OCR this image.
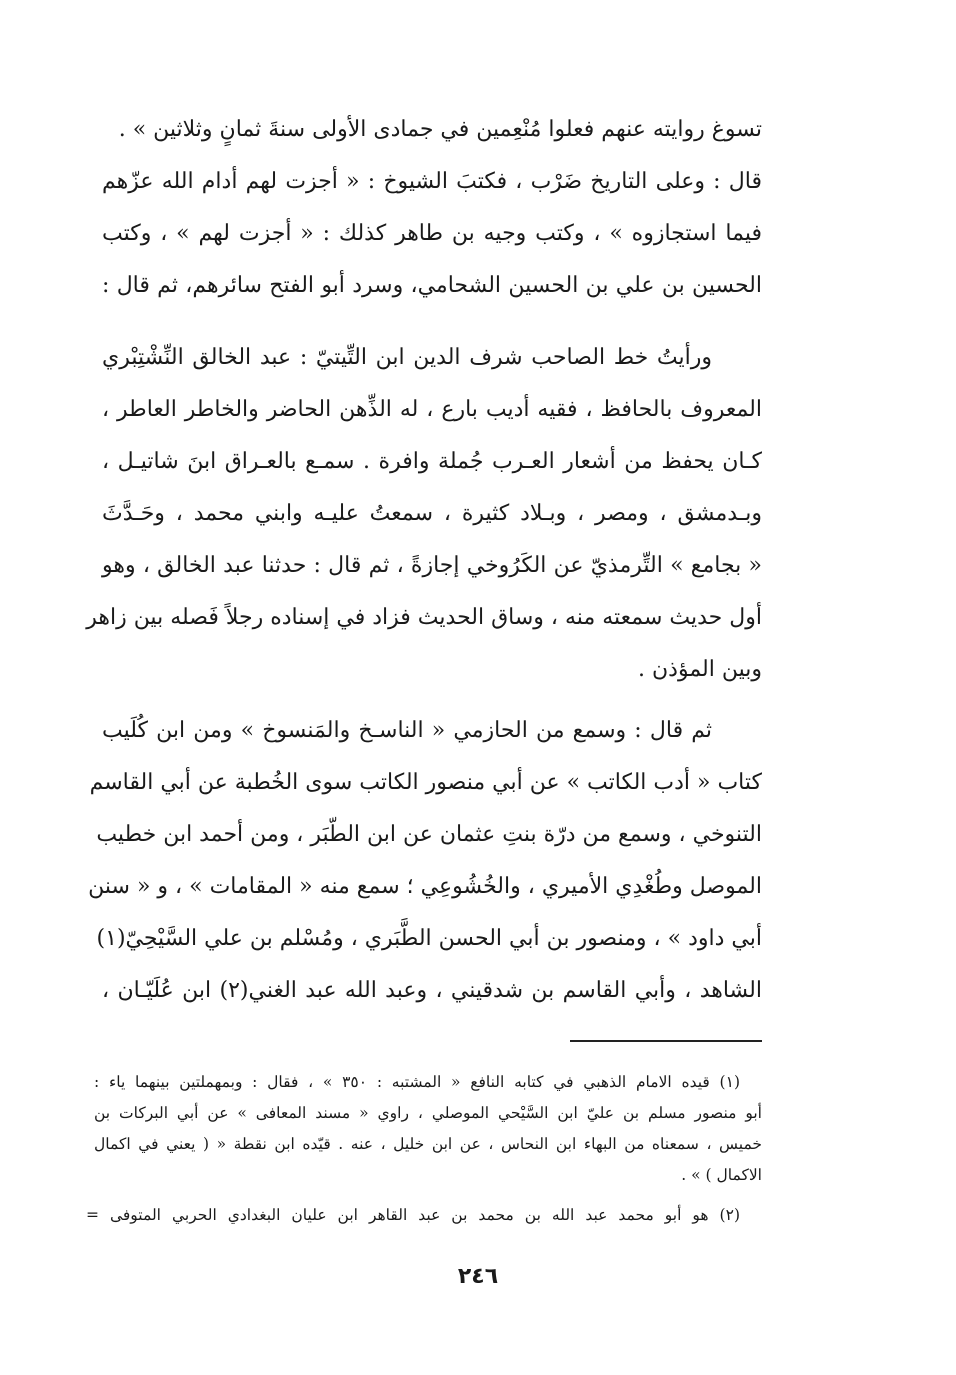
تسوغ روايته عنهم فعلوا مُنْعِمين في جمادى الأولى سنةَ ثمانٍ وثلاثين » .
قال : وعلى التاريخ ضَرْب ، فكتبَ الشيوخ : « أجزت لهم أدام الله عزّهم
فيما استجازوه » ، وكتب وجيه بن طاهر كذلك : « أجزت لهم » ، وكتب
الحسين بن علي بن الحسين الشحامي، وسرد أبو الفتح سائرهم، ثم قال :
ورأيتُ خط الصاحب شرف الدين ابن التِّيتيّ : عبد الخالق النِّشْتِبْري
المعروف بالحافظ ، فقيه أديب بارع ، له الذِّهن الحاضر والخاطر العاطر ،
كـان يحفظ من أشعار العـرب جُملة وافرة . سمـع بالعـراق ابنَ شاتيـل ،
وبـدمشق ، ومصر ، وبـلاد كثيرة ، سمعتُ عليـه وابني محمد ، وحَـدَّثَ
« بجامع » التِّرمذيّ عن الكَرُوخي إجازةً ، ثم قال : حدثنا عبد الخالق ، وهو
أول حديث سمعته منه ، وساق الحديث فزاد في إسناده رجلاً فَصله بين زاهر
وبين المؤذن .
ثم قال : وسمع من الحازمي « الناسـخ والمَنسوخ » ومن ابن كُلَيب
كتاب « أدب الكاتب » عن أبي منصور الكاتب سوى الخُطبة عن أبي القاسم
التنوخي ، وسمع من درّة بنتِ عثمان عن ابن الطّبَر ، ومن أحمد ابن خطيب
الموصل وطُغْدِي الأميري ، والخُشُوعِي ؛ سمع منه « المقامات » ، و « سنن
أبي داود » ، ومنصور بن أبي الحسن الطَّبَري ، ومُسْلم بن علي السَّيْحِيّ(١)
الشاهد ، وأبي القاسم بن شدقيني ، وعبد الله عبد الغني(٢) ابن عُلَيّـان ،
(١) قيده الامام الذهبي في كتابه النافع « المشتبه : ٣٥٠ » ، فقال : وبمهملتين بينهما ياء :
أبو منصور مسلم بن عليّ ابن السَّيْحي الموصلي ، راوي « مسند المعافى » عن أبي البركات بن
خميس ، سمعناه من البهاء ابن النحاس ، عن ابن خليل ، عنه . قيّده ابن نقطة « ( يعني في اكمال
الاكمال ) » .
(٢) هو أبو محمد عبد الله بن محمد بن عبد القاهر ابن عليان البغدادي الحربي المتوفى =
٢٤٦
